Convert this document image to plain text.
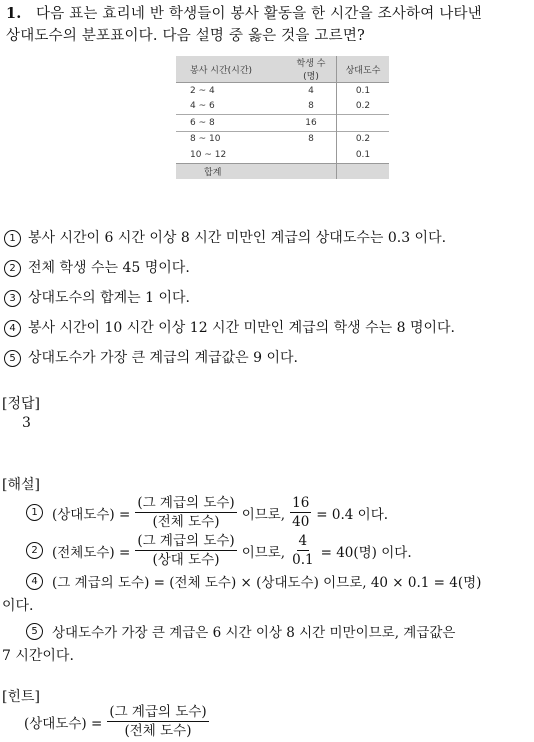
1. 다음 표는 효리네 반 학생들이 봉사 활동을 한 시간을 조사하여 나타낸
상대도수의 분포표이다. 다음 설명 중 옳은 것을 고르면?
봉사 시간(시간)	학생 수(명)	상대도수
2 ~ 4	4	0.1
4 ~ 6	8	0.2
6 ~ 8	16	
8 ~ 10	8	0.2
10 ~ 12		0.1
합계		
1 봉사 시간이 6 시간 이상 8 시간 미만인 계급의 상대도수는 0.3 이다.
2 전체 학생 수는 45 명이다.
3 상대도수의 합계는 1 이다.
4 봉사 시간이 10 시간 이상 12 시간 미만인 계급의 학생 수는 8 명이다.
5 상대도수가 가장 큰 계급의 계급값은 9 이다.
[정답]
3
[해설]
1	(상대도수) = $\frac{\text{(그 계급의 도수)}}{\text{(전체 도수)}}$ 이므로, $\frac{16}{40} = 0.4$ 이다.
2	(전체도수) = $\frac{\text{(그 계급의 도수)}}{\text{(상대 도수)}}$ 이므로, $\frac{4}{0.1} = 40$(명) 이다.
4	(그 계급의 도수) = (전체 도수) × (상대도수) 이므로, 40 × 0.1 = 4(명)
이다.
5	상대도수가 가장 큰 계급은 6 시간 이상 8 시간 미만이므로, 계급값은
7 시간이다.
[힌트]
(상대도수) = $\frac{\text{(그 계급의 도수)}}{\text{(전체 도수)}}$
